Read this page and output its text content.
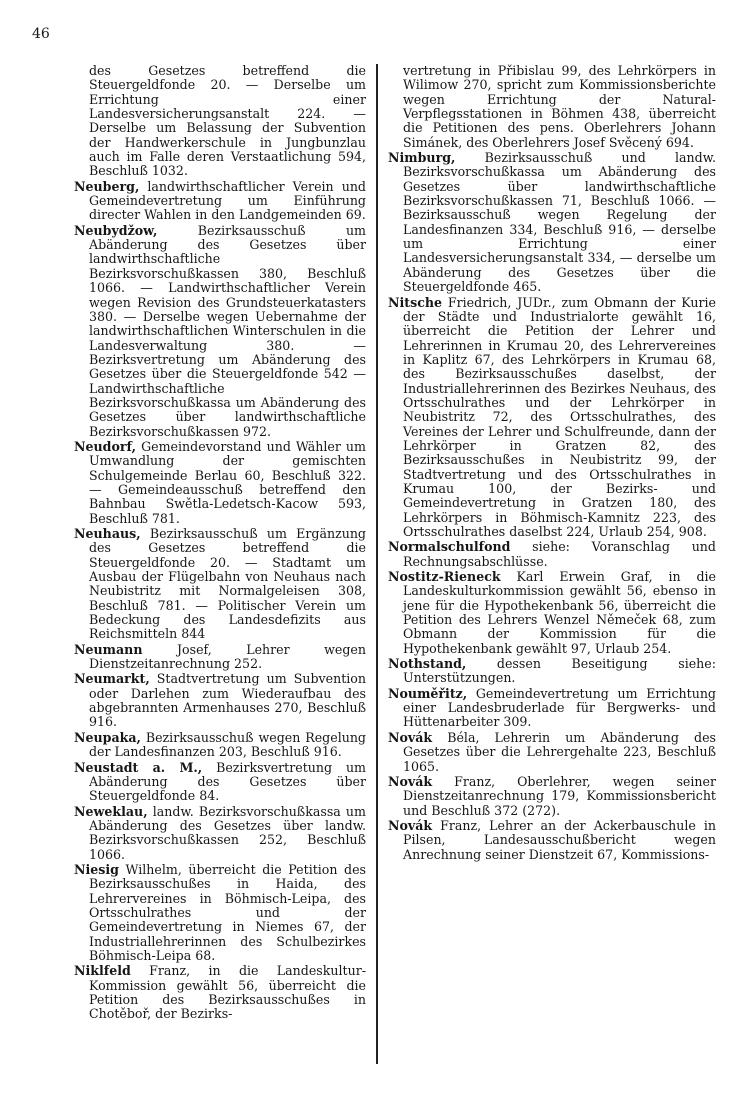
46

des Gesetzes betreffend die Steuergeldfonde 20. — Derselbe um Errichtung einer Landesversicherungsanstalt 224. — Derselbe um Belassung der Subvention der Handwerkerschule in Jungbunzlau auch im Falle deren Verstaatlichung 594, Beschluß 1032.

Neuberg, landwirthschaftlicher Verein und Gemeindevertretung um Einführung directer Wahlen in den Landgemeinden 69.

Neubydžow,	Bezirksausschuß um Abänderung des Gesetzes über landwirthschaftliche Bezirksvorschußkassen 380, Beschluß 1066. — Landwirthschaftlicher Verein wegen Revision des Grundsteuerkatasters 380. — Derselbe wegen Uebernahme der landwirthschaftlichen Winterschulen in die Landesverwaltung 380. — Bezirksvertretung um Abänderung des Gesetzes über die Steuergeldfonde 542 — Landwirthschaftliche Bezirksvorschußkassa um Abänderung des Gesetzes über landwirthschaftliche Bezirksvorschußkassen 972.

Neudorf, Gemeindevorstand und Wähler um Umwandlung der gemischten Schulgemeinde Berlau 60, Beschluß 322. — Gemeindeausschuß betreffend den Bahnbau Swětla-Ledetsch-Kacow 593, Beschluß 781.

Neuhaus, Bezirksausschuß um Ergänzung des Gesetzes betreffend die Steuergeldfonde 20. — Stadtamt um Ausbau der Flügelbahn von Neuhaus nach Neubistritz mit Normalgeleisen 308, Beschluß 781. — Politischer Verein um Bedeckung des Landesdefizits aus Reichsmitteln 844

Neumann	Josef, Lehrer wegen Dienstzeitanrechnung 252.

Neumarkt, Stadtvertretung um Subvention oder Darlehen zum Wiederaufbau des abgebrannten Armenhauses 270, Beschluß 916.

Neupaka, Bezirksausschuß wegen Regelung der Landesfinanzen 203, Beschluß 916.

Neustadt a. M., Bezirksvertretung um Abänderung des Gesetzes über Steuergeldfonde 84.

Neweklau, landw. Bezirksvorschußkassa um Abänderung des Gesetzes über landw. Bezirksvorschußkassen 252, Beschluß 1066.

Niesig Wilhelm, überreicht die Petition des Bezirksausschußes in Haida, des Lehrervereines in Böhmisch-Leipa, des Ortsschulrathes und der Gemeindevertretung in Niemes 67, der Industriallehrerinnen des Schulbezirkes Böhmisch-Leipa 68.

Niklfeld Franz, in die Landeskultur-Kommission gewählt 56, überreicht die Petition des Bezirksausschußes in Chotěboř, der Bezirks-

vertretung in Přibislau 99, des Lehrkörpers in Wilimow 270, spricht zum Kommissionsberichte wegen Errichtung der Natural-Verpflegsstationen in Böhmen 438, überreicht die Petitionen des pens. Oberlehrers Johann Simánek, des Oberlehrers Josef Svěcený 694.

Nimburg, Bezirksausschuß und landw. Bezirksvorschußkassa um Abänderung des Gesetzes über landwirthschaftliche Bezirksvorschußkassen 71, Beschluß 1066. — Bezirksausschuß wegen Regelung der Landesfinanzen 334, Beschluß 916, — derselbe um Errichtung einer Landesversicherungsanstalt 334, — derselbe um Abänderung des Gesetzes über die Steuergeldfonde 465.

Nitsche Friedrich, JUDr., zum Obmann der Kurie der Städte und Industrialorte gewählt 16, überreicht die Petition der Lehrer und Lehrerinnen in Krumau 20, des Lehrervereines in Kaplitz 67, des Lehrkörpers in Krumau 68, des Bezirksausschußes daselbst, der Industriallehrerinnen des Bezirkes Neuhaus, des Ortsschulrathes und der Lehrkörper in Neubistritz 72, des Ortsschulrathes, des Vereines der Lehrer und Schulfreunde, dann der Lehrkörper in Gratzen 82, des Bezirksausschußes in Neubistritz 99, der Stadtvertretung und des Ortsschulrathes in Krumau 100, der Bezirks- und Gemeindevertretung in Gratzen 180, des Lehrkörpers in Böhmisch-Kamnitz 223, des Ortsschulrathes daselbst 224, Urlaub 254, 908.

Normalschulfond siehe: Voranschlag und Rechnungsabschlüsse.

Nostitz-Rieneck Karl Erwein Graf, in die Landeskulturkommission gewählt 56, ebenso in jene für die Hypothekenbank 56, überreicht die Petition des Lehrers Wenzel Němeček 68, zum Obmann der Kommission für die Hypothekenbank gewählt 97, Urlaub 254.

Nothstand, dessen Beseitigung siehe: Unterstützungen.

Nouměřitz, Gemeindevertretung um Errichtung einer Landesbruderlade für Bergwerks- und Hüttenarbeiter 309.

Novák Béla, Lehrerin um Abänderung des Gesetzes über die Lehrergehalte 223, Beschluß 1065.

Novák Franz, Oberlehrer, wegen seiner Dienstzeitanrechnung 179, Kommissionsbericht und Beschluß 372 (272).

Novák Franz, Lehrer an der Ackerbauschule in Pilsen, Landesausschußbericht wegen Anrechnung seiner Dienstzeit 67, Kommissions-
